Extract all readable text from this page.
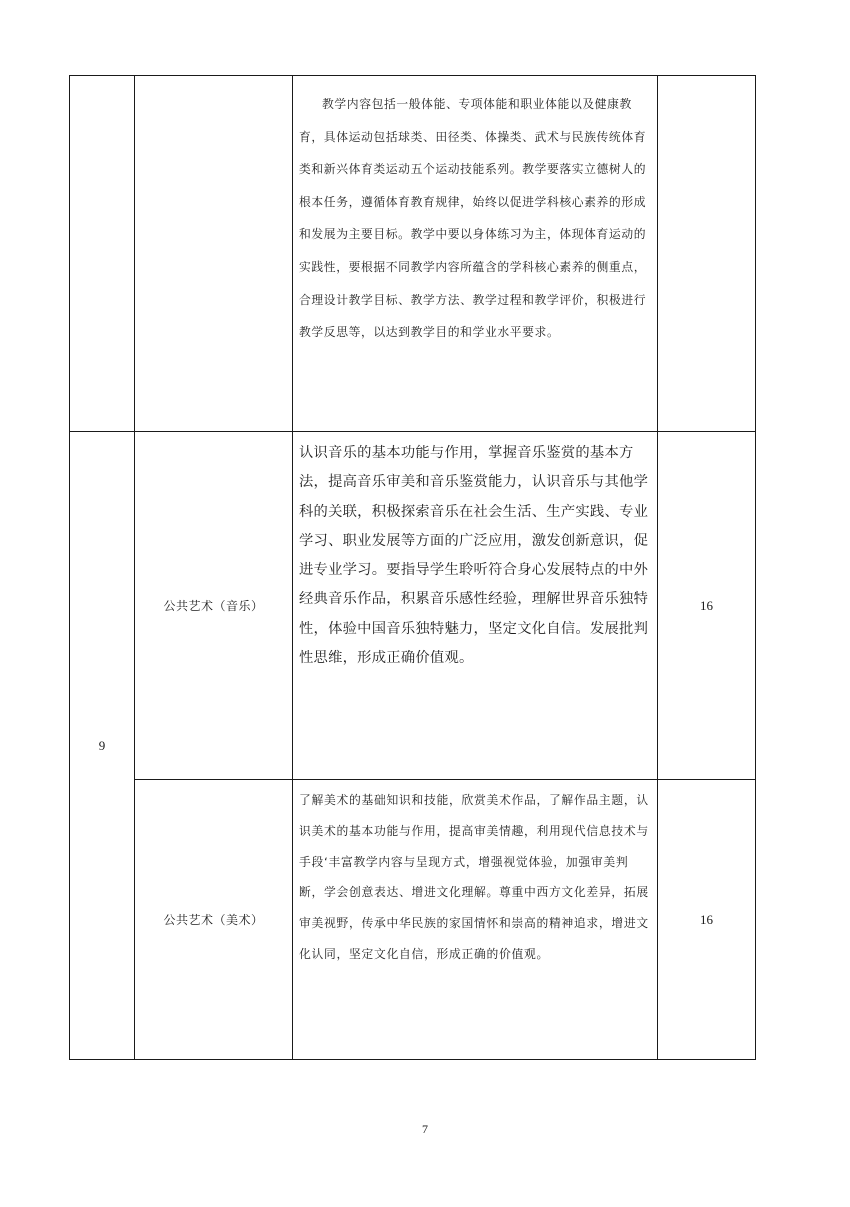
		教学内容包括一般体能、专项体能和职业体能以及健康教育，具体运动包括球类、田径类、体操类、武术与民族传统体育类和新兴体育类运动五个运动技能系列。教学要落实立德树人的根本任务，遵循体育教育规律，始终以促进学科核心素养的形成和发展为主要目标。教学中要以身体练习为主，体现体育运动的实践性，要根据不同教学内容所蕴含的学科核心素养的侧重点，合理设计教学目标、教学方法、教学过程和教学评价，积极进行教学反思等，以达到教学目的和学业水平要求。	
9	公共艺术（音乐）	认识音乐的基本功能与作用，掌握音乐鉴赏的基本方法，提高音乐审美和音乐鉴赏能力，认识音乐与其他学科的关联，积极探索音乐在社会生活、生产实践、专业学习、职业发展等方面的广泛应用，激发创新意识，促进专业学习。要指导学生聆听符合身心发展特点的中外经典音乐作品，积累音乐感性经验，理解世界音乐独特性，体验中国音乐独特魅力，坚定文化自信。发展批判性思维，形成正确价值观。	16
	公共艺术（美术）	了解美术的基础知识和技能，欣赏美术作品，了解作品主题，认识美术的基本功能与作用，提高审美情趣，利用现代信息技术与手段‘丰富教学内容与呈现方式，增强视觉体验，加强审美判断，学会创意表达、增进文化理解。尊重中西方文化差异，拓展审美视野，传承中华民族的家国情怀和崇高的精神追求，增进文化认同，坚定文化自信，形成正确的价值观。	16
7
